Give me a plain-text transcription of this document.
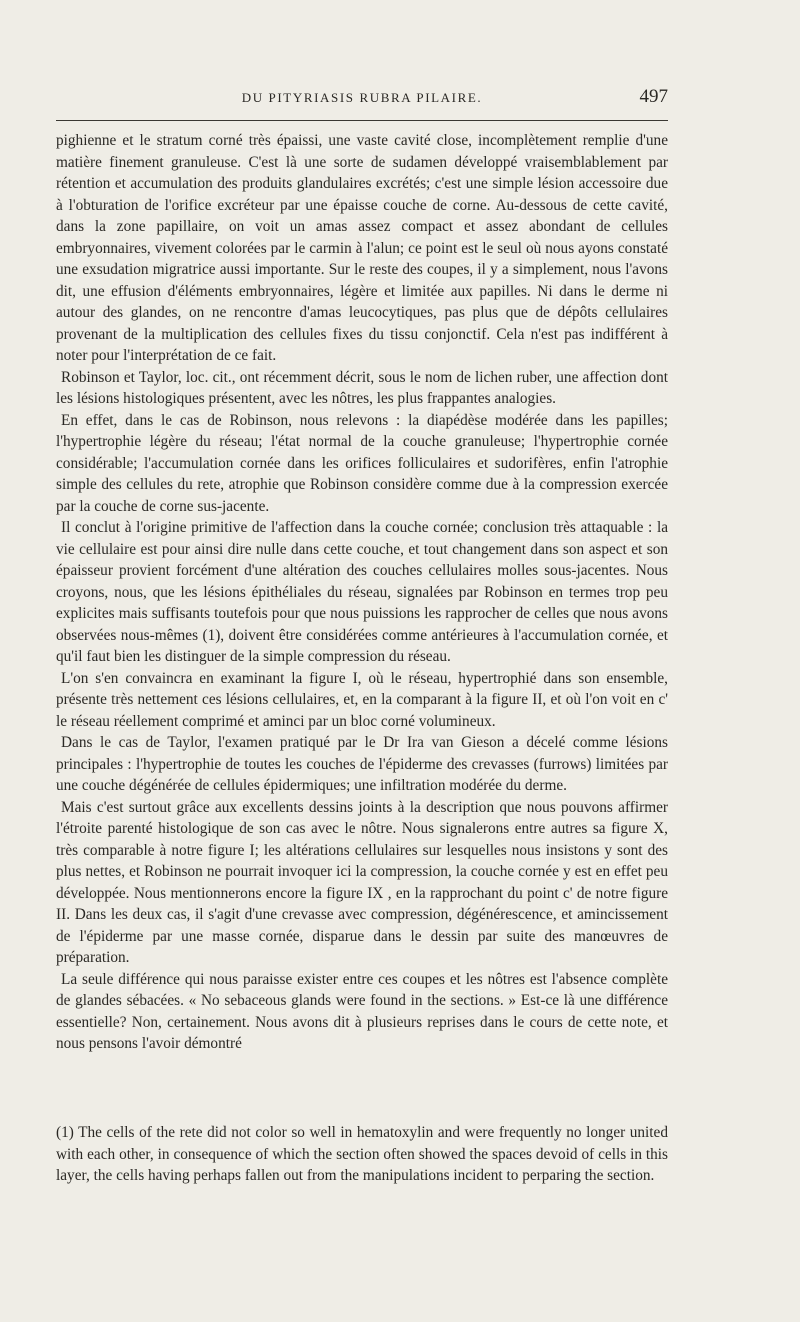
DU PITYRIASIS RUBRA PILAIRE.	497

pighienne et le stratum corné très épaissi, une vaste cavité close, incomplètement remplie d'une matière finement granuleuse. C'est là une sorte de sudamen développé vraisemblablement par rétention et accumulation des produits glandulaires excrétés; c'est une simple lésion accessoire due à l'obturation de l'orifice excréteur par une épaisse couche de corne. Au-dessous de cette cavité, dans la zone papillaire, on voit un amas assez compact et assez abondant de cellules embryonnaires, vivement colorées par le carmin à l'alun; ce point est le seul où nous ayons constaté une exsudation migratrice aussi importante. Sur le reste des coupes, il y a simplement, nous l'avons dit, une effusion d'éléments embryonnaires, légère et limitée aux papilles. Ni dans le derme ni autour des glandes, on ne rencontre d'amas leucocytiques, pas plus que de dépôts cellulaires provenant de la multiplication des cellules fixes du tissu conjonctif. Cela n'est pas indifférent à noter pour l'interprétation de ce fait.

Robinson et Taylor, loc. cit., ont récemment décrit, sous le nom de lichen ruber, une affection dont les lésions histologiques présentent, avec les nôtres, les plus frappantes analogies.

En effet, dans le cas de Robinson, nous relevons : la diapédèse modérée dans les papilles; l'hypertrophie légère du réseau; l'état normal de la couche granuleuse; l'hypertrophie cornée considérable; l'accumulation cornée dans les orifices folliculaires et sudorifères, enfin l'atrophie simple des cellules du rete, atrophie que Robinson considère comme due à la compression exercée par la couche de corne sus-jacente.

Il conclut à l'origine primitive de l'affection dans la couche cornée; conclusion très attaquable : la vie cellulaire est pour ainsi dire nulle dans cette couche, et tout changement dans son aspect et son épaisseur provient forcément d'une altération des couches cellulaires molles sous-jacentes. Nous croyons, nous, que les lésions épithéliales du réseau, signalées par Robinson en termes trop peu explicites mais suffisants toutefois pour que nous puissions les rapprocher de celles que nous avons observées nous-mêmes (1), doivent être considérées comme antérieures à l'accumulation cornée, et qu'il faut bien les distinguer de la simple compression du réseau.

L'on s'en convaincra en examinant la figure I, où le réseau, hypertrophié dans son ensemble, présente très nettement ces lésions cellulaires, et, en la comparant à la figure II, et où l'on voit en c' le réseau réellement comprimé et aminci par un bloc corné volumineux.

Dans le cas de Taylor, l'examen pratiqué par le Dr Ira van Gieson a décelé comme lésions principales : l'hypertrophie de toutes les couches de l'épiderme des crevasses (furrows) limitées par une couche dégénérée de cellules épidermiques; une infiltration modérée du derme.

Mais c'est surtout grâce aux excellents dessins joints à la description que nous pouvons affirmer l'étroite parenté histologique de son cas avec le nôtre. Nous signalerons entre autres sa figure X, très comparable à notre figure I; les altérations cellulaires sur lesquelles nous insistons y sont des plus nettes, et Robinson ne pourrait invoquer ici la compression, la couche cornée y est en effet peu développée. Nous mentionnerons encore la figure IX , en la rapprochant du point c' de notre figure II. Dans les deux cas, il s'agit d'une crevasse avec compression, dégénérescence, et amincissement de l'épiderme par une masse cornée, disparue dans le dessin par suite des manœuvres de préparation.

La seule différence qui nous paraisse exister entre ces coupes et les nôtres est l'absence complète de glandes sébacées. « No sebaceous glands were found in the sections. » Est-ce là une différence essentielle? Non, certainement. Nous avons dit à plusieurs reprises dans le cours de cette note, et nous pensons l'avoir démontré

(1) The cells of the rete did not color so well in hematoxylin and were frequently no longer united with each other, in consequence of which the section often showed the spaces devoid of cells in this layer, the cells having perhaps fallen out from the manipulations incident to perparing the section.
